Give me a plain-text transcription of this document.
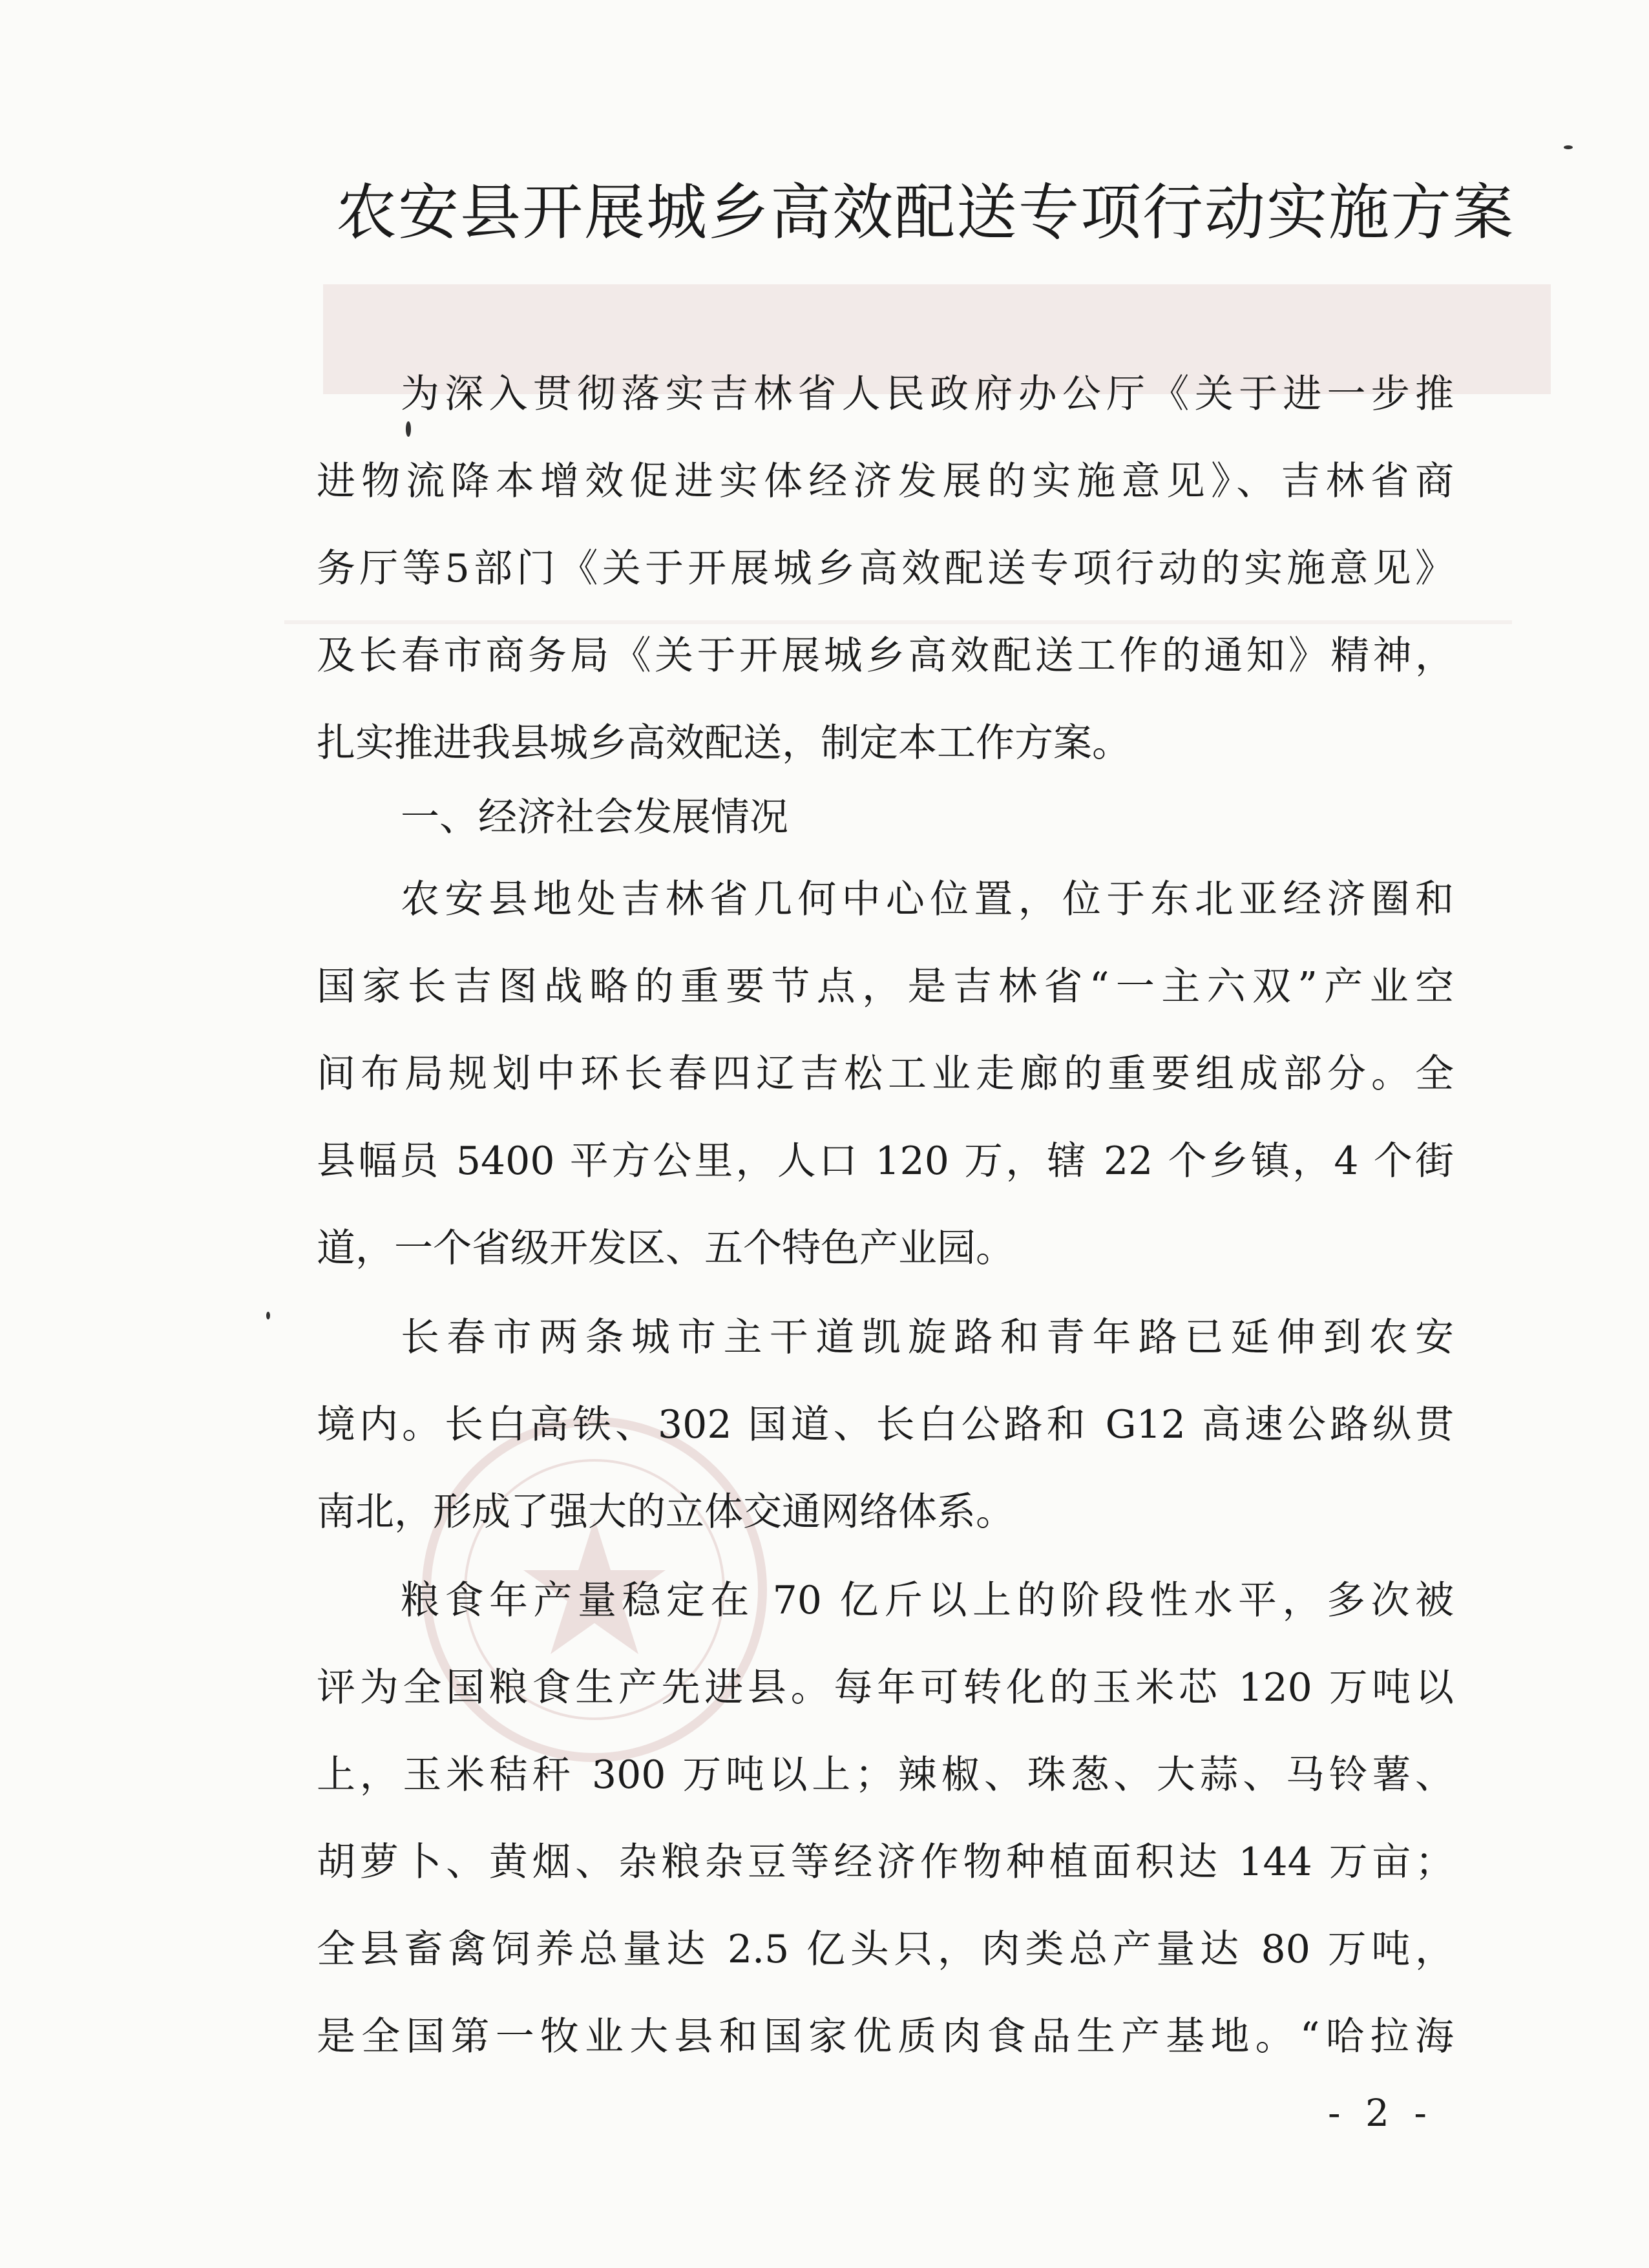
农安县开展城乡高效配送专项行动实施方案
为深入贯彻落实吉林省人民政府办公厅《关于进一步推
进物流降本增效促进实体经济发展的实施意见》、吉林省商
务厅等5部门《关于开展城乡高效配送专项行动的实施意见》
及长春市商务局《关于开展城乡高效配送工作的通知》精神，
扎实推进我县城乡高效配送，制定本工作方案。
一、经济社会发展情况
农安县地处吉林省几何中心位置，位于东北亚经济圈和
国家长吉图战略的重要节点，是吉林省“一主六双”产业空
间布局规划中环长春四辽吉松工业走廊的重要组成部分。全
县幅员 5400 平方公里，人口 120 万，辖 22 个乡镇，4 个街
道，一个省级开发区、五个特色产业园。
长春市两条城市主干道凯旋路和青年路已延伸到农安
境内。长白高铁、302 国道、长白公路和 G12 高速公路纵贯
南北，形成了强大的立体交通网络体系。
粮食年产量稳定在 70 亿斤以上的阶段性水平，多次被
评为全国粮食生产先进县。每年可转化的玉米芯 120 万吨以
上，玉米秸秆 300 万吨以上；辣椒、珠葱、大蒜、马铃薯、
胡萝卜、黄烟、杂粮杂豆等经济作物种植面积达 144 万亩；
全县畜禽饲养总量达 2.5 亿头只，肉类总产量达 80 万吨，
是全国第一牧业大县和国家优质肉食品生产基地。“哈拉海
- 2 -
